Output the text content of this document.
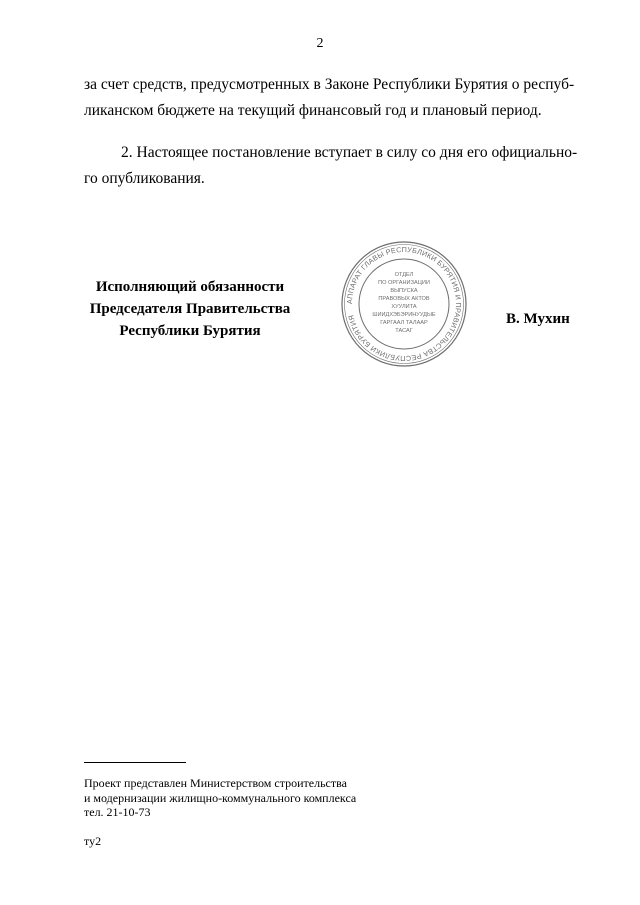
2

за счет средств, предусмотренных в Законе Республики Бурятия о респуб-
ликанском бюджете на текущий финансовый год и плановый период.

2. Настоящее постановление вступает в силу со дня его официально-
го опубликования.

Исполняющий обязанности
Председателя Правительства
Республики Бурятия
АППАРАТ ГЛАВЫ РЕСПУБЛИКИ БУРЯТИЯ И ПРАВИТЕЛЬСТВА РЕСПУБЛИКИ БУРЯТИЯ
ОТДЕЛ
ПО ОРГАНИЗАЦИИ
ВЫПУСКА
ПРАВОВЫХ АКТОВ
ХУУЛИТА
ШИИДХЭБЭРИНУУДЫЕ
ГАРГААЛ ТАЛААР
ТАСАГ
В. Мухин
Проект представлен Министерством строительства
и модернизации жилищно-коммунального комплекса
тел. 21-10-73
ту2
